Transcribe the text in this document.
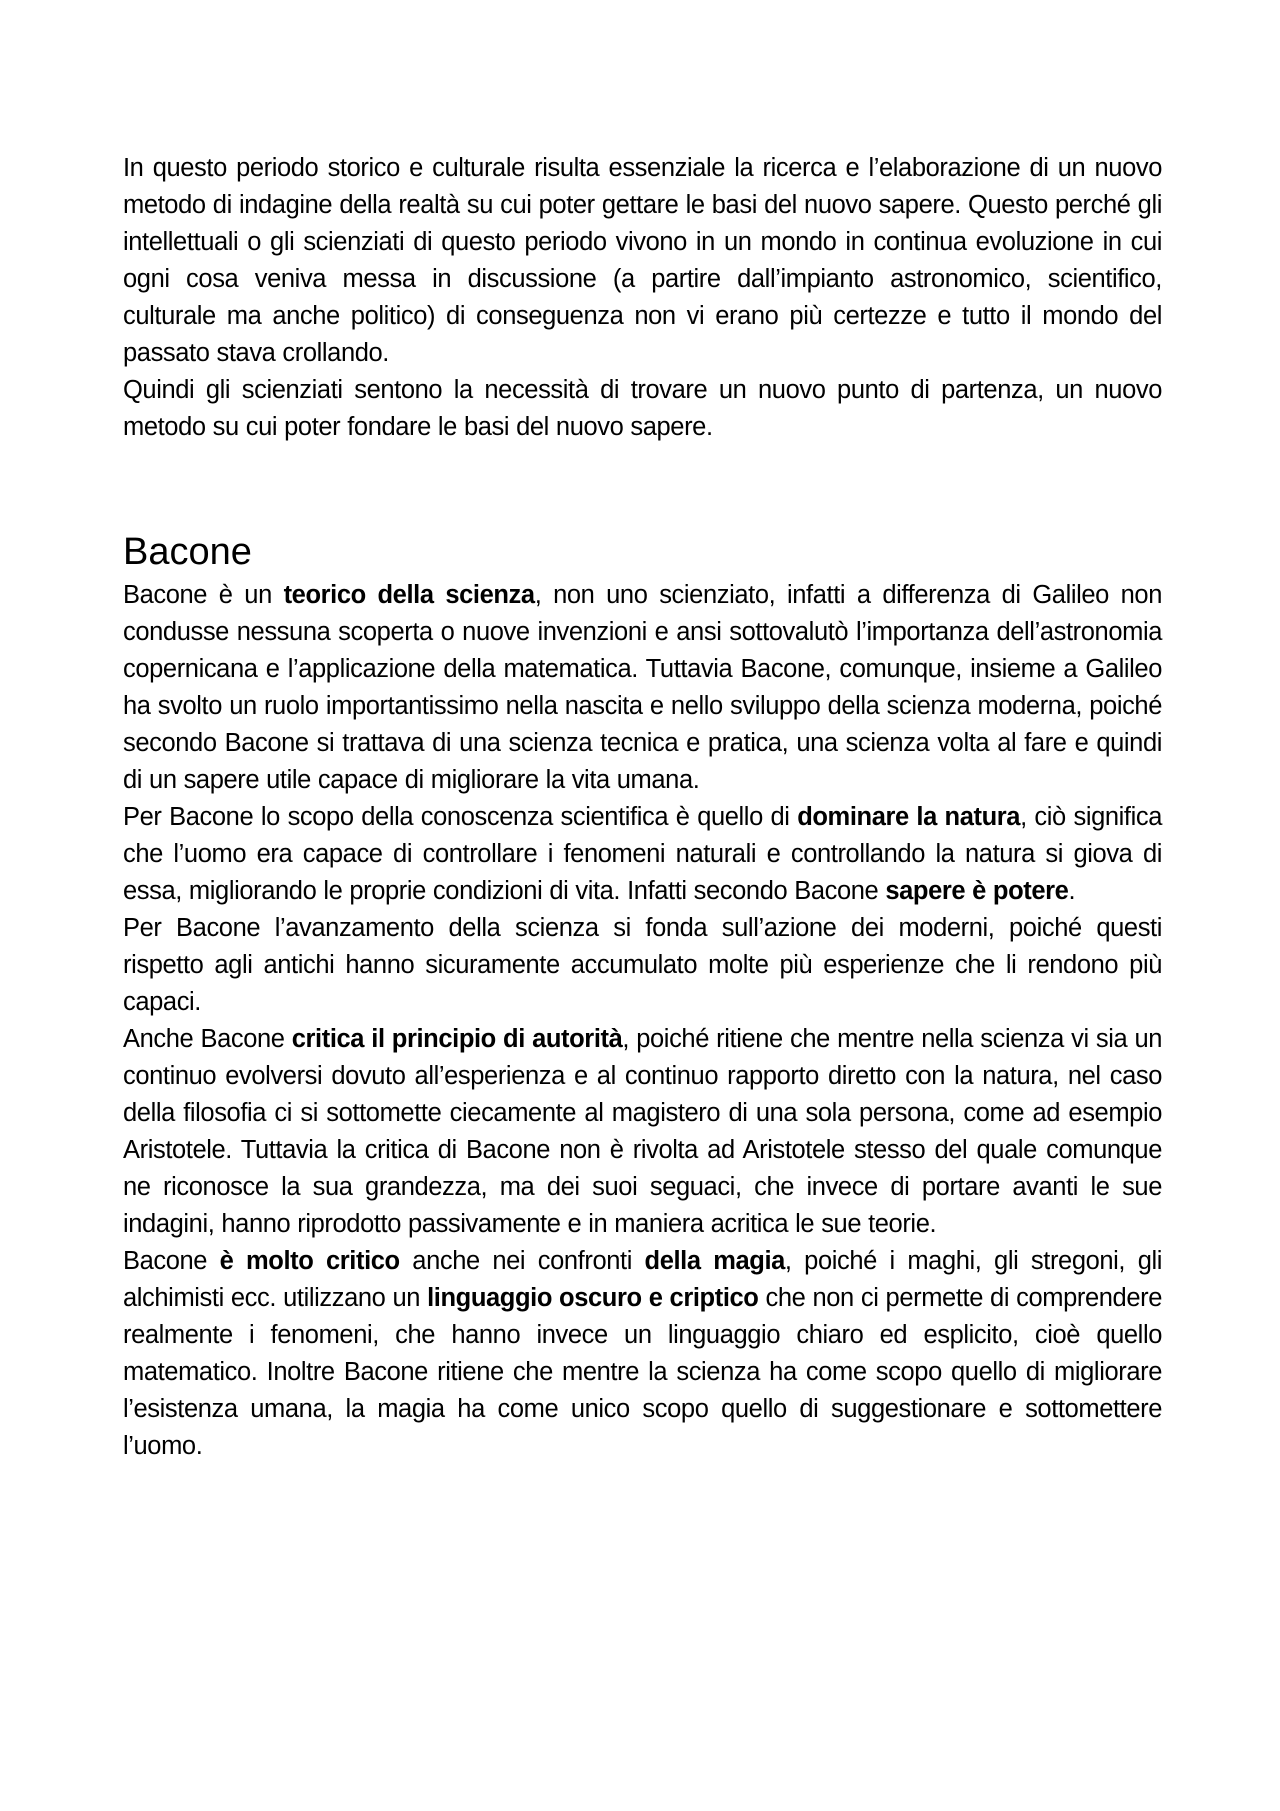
In questo periodo storico e culturale risulta essenziale la ricerca e l’elaborazione di un nuovo metodo di indagine della realtà su cui poter gettare le basi del nuovo sapere. Questo perché gli intellettuali o gli scienziati di questo periodo vivono in un mondo in continua evoluzione in cui ogni cosa veniva messa in discussione (a partire dall’impianto astronomico, scientifico, culturale ma anche politico) di conseguenza non vi erano più certezze e tutto il mondo del passato stava crollando.

Quindi gli scienziati sentono la necessità di trovare un nuovo punto di partenza, un nuovo metodo su cui poter fondare le basi del nuovo sapere.

Bacone

Bacone è un teorico della scienza, non uno scienziato, infatti a differenza di Galileo non condusse nessuna scoperta o nuove invenzioni e ansi sottovalutò l’importanza dell’astronomia copernicana e l’applicazione della matematica. Tuttavia Bacone, comunque, insieme a Galileo ha svolto un ruolo importantissimo nella nascita e nello sviluppo della scienza moderna, poiché secondo Bacone si trattava di una scienza tecnica e pratica, una scienza volta al fare e quindi di un sapere utile capace di migliorare la vita umana.

Per Bacone lo scopo della conoscenza scientifica è quello di dominare la natura, ciò significa che l’uomo era capace di controllare i fenomeni naturali e controllando la natura si giova di essa, migliorando le proprie condizioni di vita. Infatti secondo Bacone sapere è potere.

Per Bacone l’avanzamento della scienza si fonda sull’azione dei moderni, poiché questi rispetto agli antichi hanno sicuramente accumulato molte più esperienze che li rendono più capaci.

Anche Bacone critica il principio di autorità, poiché ritiene che mentre nella scienza vi sia un continuo evolversi dovuto all’esperienza e al continuo rapporto diretto con la natura, nel caso della filosofia ci si sottomette ciecamente al magistero di una sola persona, come ad esempio Aristotele. Tuttavia la critica di Bacone non è rivolta ad Aristotele stesso del quale comunque ne riconosce la sua grandezza, ma dei suoi seguaci, che invece di portare avanti le sue indagini, hanno riprodotto passivamente e in maniera acritica le sue teorie.

Bacone è molto critico anche nei confronti della magia, poiché i maghi, gli stregoni, gli alchimisti ecc. utilizzano un linguaggio oscuro e criptico che non ci permette di comprendere realmente i fenomeni, che hanno invece un linguaggio chiaro ed esplicito, cioè quello matematico. Inoltre Bacone ritiene che mentre la scienza ha come scopo quello di migliorare l’esistenza umana, la magia ha come unico scopo quello di suggestionare e sottomettere l’uomo.
